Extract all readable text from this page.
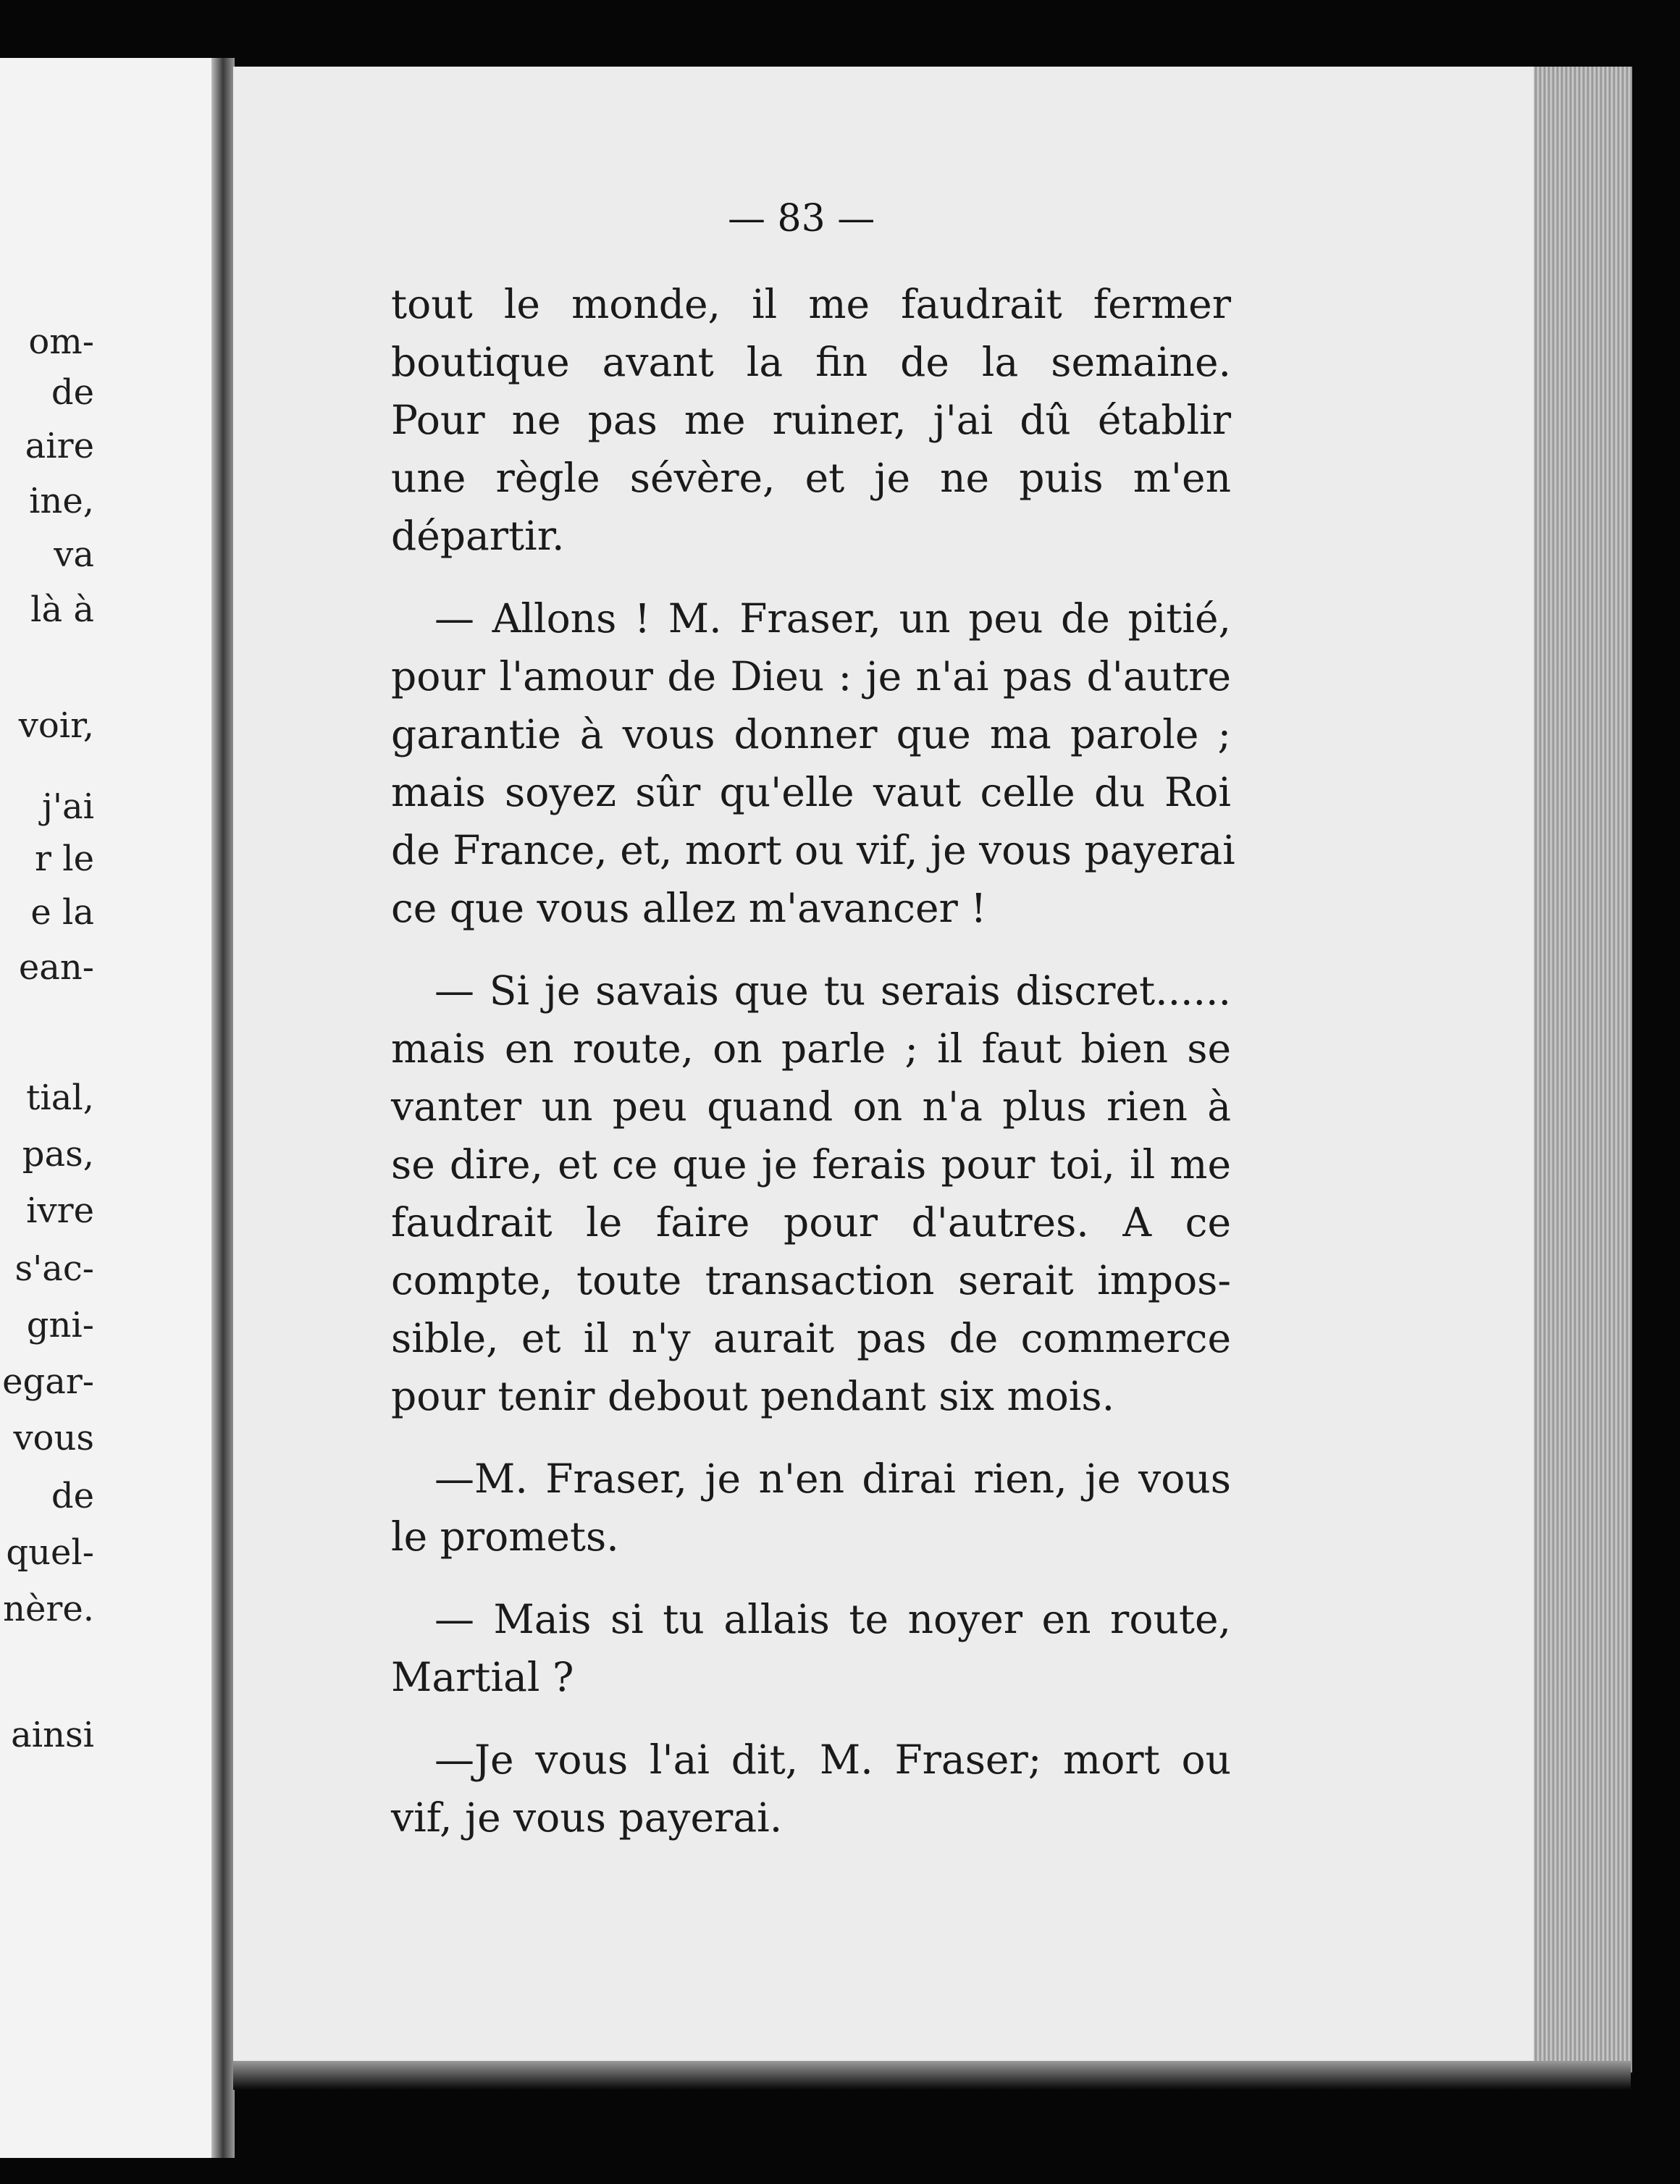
om-
de
aire
ine,
va
là à
voir,
j'ai
r le
e la
ean-
tial,
pas,
ivre
s'ac-
gni-
egar-
vous
de
quel-
nère.
ainsi
— 83 —
tout le monde, il me faudrait fermer
boutique avant la fin de la semaine.
Pour ne pas me ruiner, j'ai dû établir
une règle sévère, et je ne puis m'en
départir.
— Allons ! M. Fraser, un peu de pitié,
pour l'amour de Dieu : je n'ai pas d'autre
garantie à vous donner que ma parole ;
mais soyez sûr qu'elle vaut celle du Roi
de France, et, mort ou vif, je vous payerai
ce que vous allez m'avancer !
— Si je savais que tu serais discret......
mais en route, on parle ; il faut bien se
vanter un peu quand on n'a plus rien à
se dire, et ce que je ferais pour toi, il me
faudrait le faire pour d'autres. A ce
compte, toute transaction serait impos-
sible, et il n'y aurait pas de commerce
pour tenir debout pendant six mois.
—M. Fraser, je n'en dirai rien, je vous
le promets.
— Mais si tu allais te noyer en route,
Martial ?
—Je vous l'ai dit, M. Fraser; mort ou
vif, je vous payerai.
